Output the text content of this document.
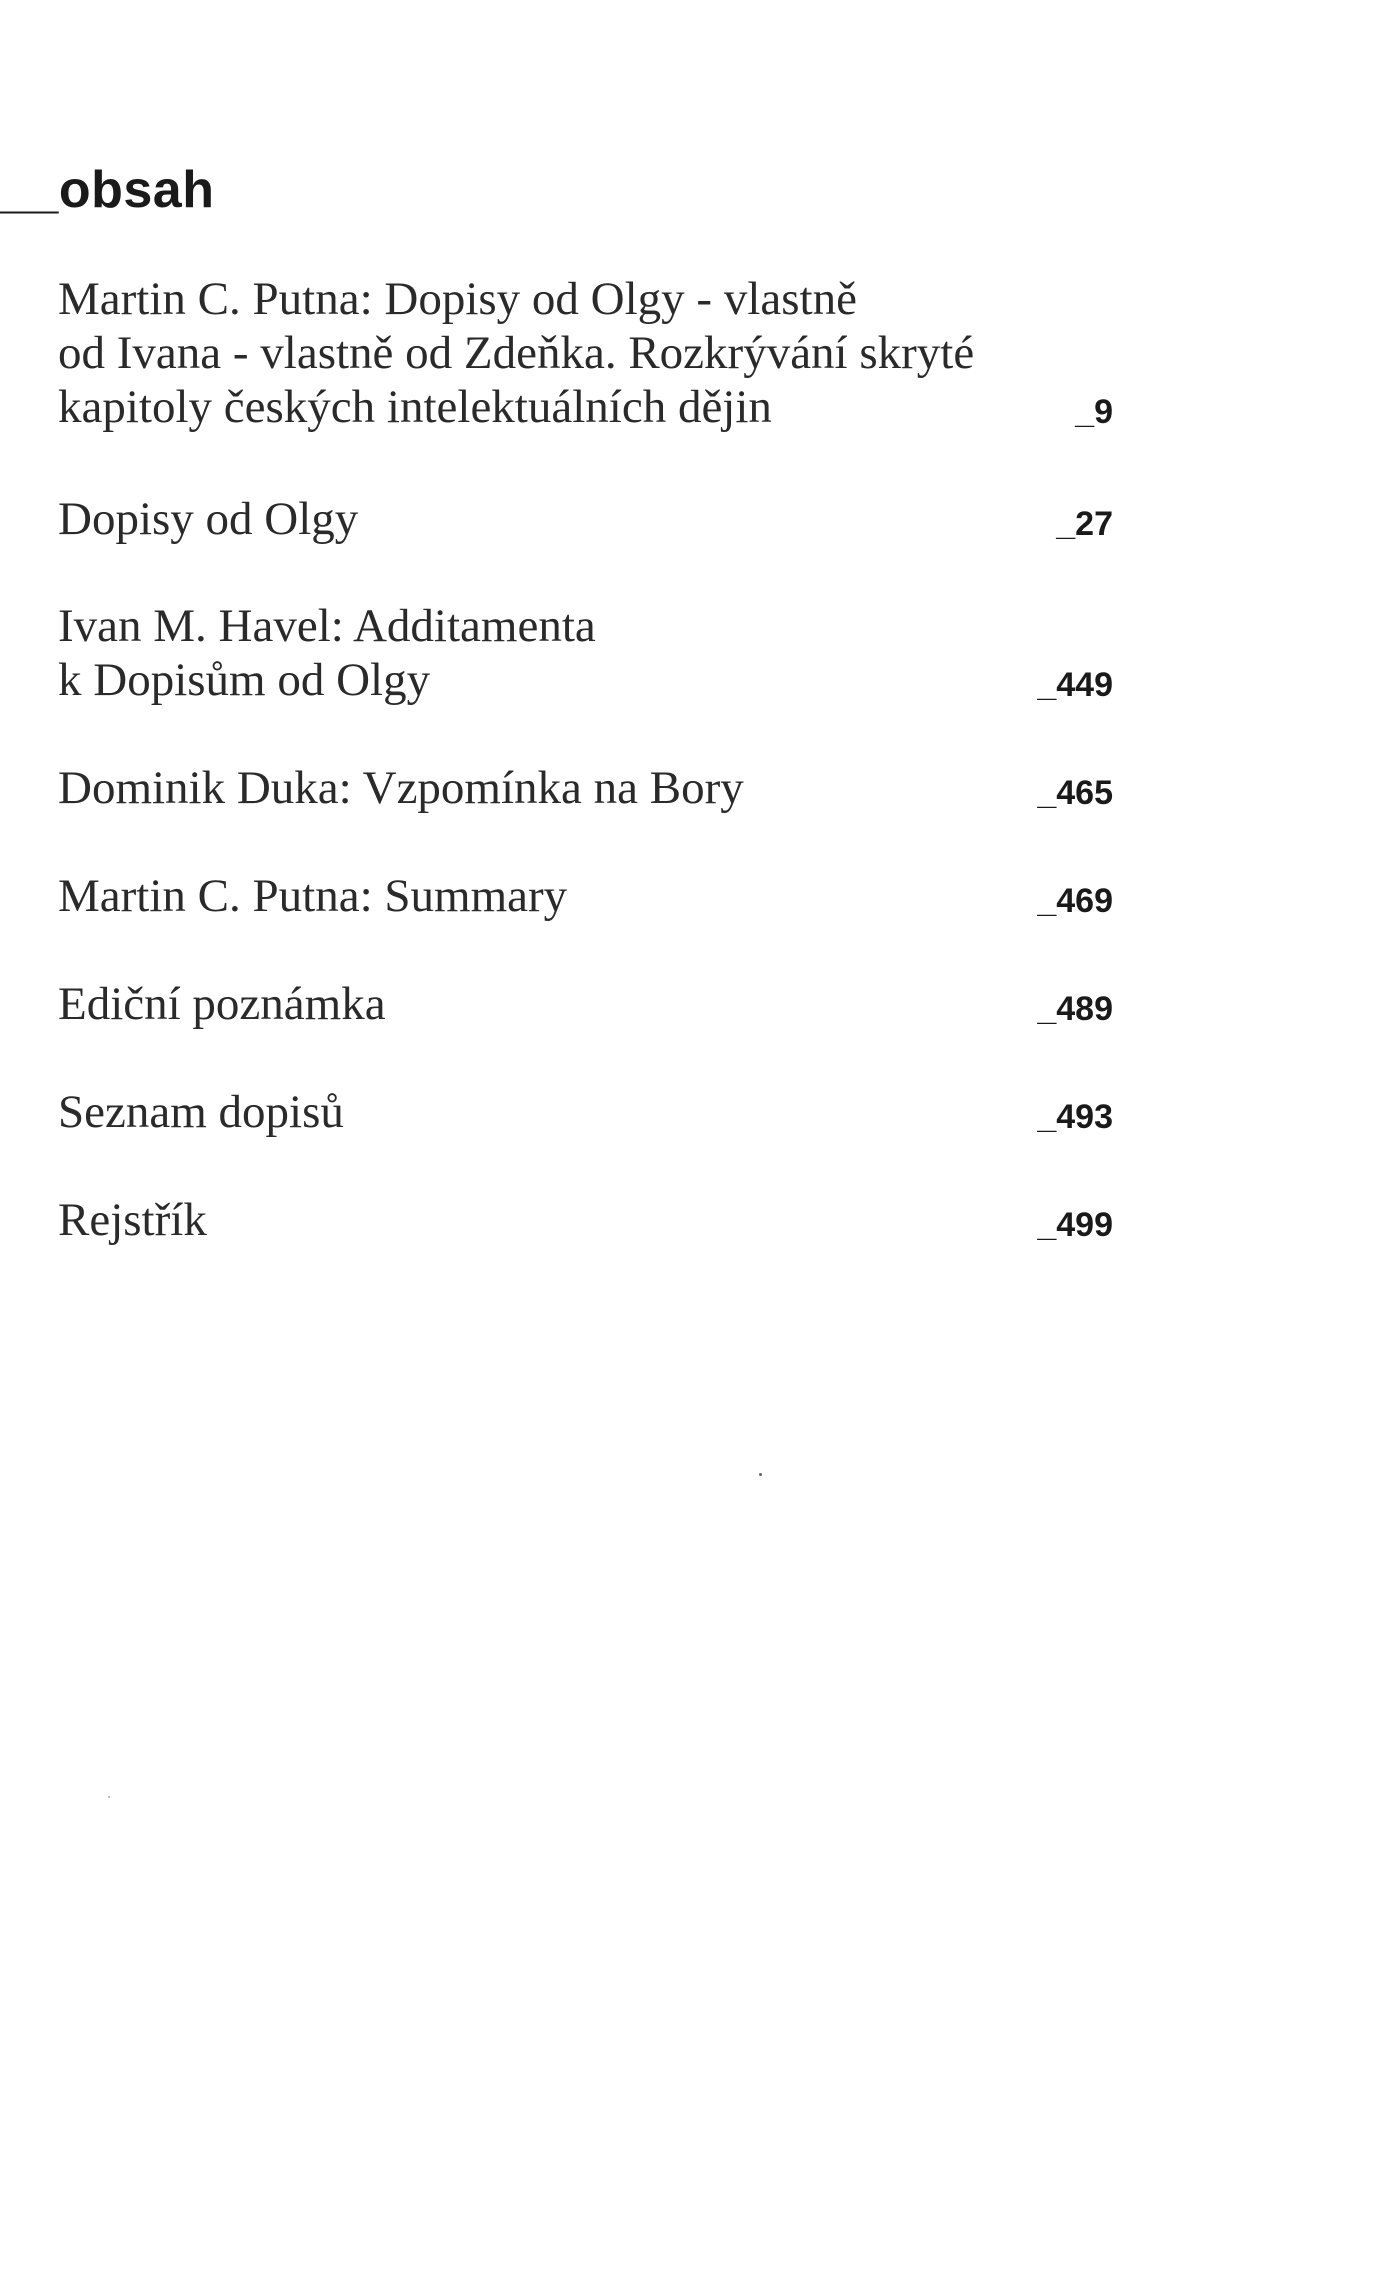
__obsah
Martin C. Putna: Dopisy od Olgy - vlastně
od Ivana - vlastně od Zdeňka. Rozkrývání skryté
kapitoly českých intelektuálních dějin	_9
Dopisy od Olgy	_27
Ivan M. Havel: Additamenta
k Dopisům od Olgy	_449
Dominik Duka: Vzpomínka na Bory	_465
Martin C. Putna: Summary	_469
Ediční poznámka	_489
Seznam dopisů	_493
Rejstřík	_499
